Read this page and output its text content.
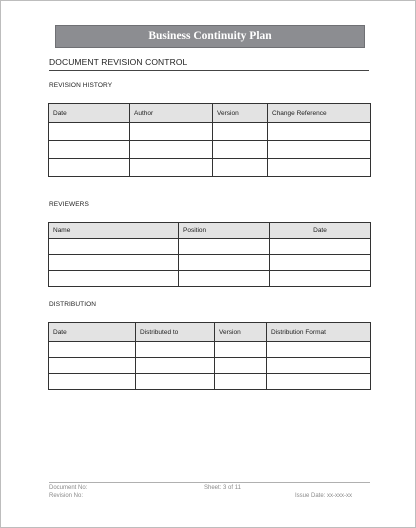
Business Continuity Plan
DOCUMENT REVISION CONTROL
REVISION HISTORY
Date	Author	Version	Change Reference

REVIEWERS
Name	Position	Date

DISTRIBUTION
Date	Distributed to	Version	Distribution Format

Document No:
Revision No:
Sheet: 3 of 11
Issue Date: xx-xxx-xx
